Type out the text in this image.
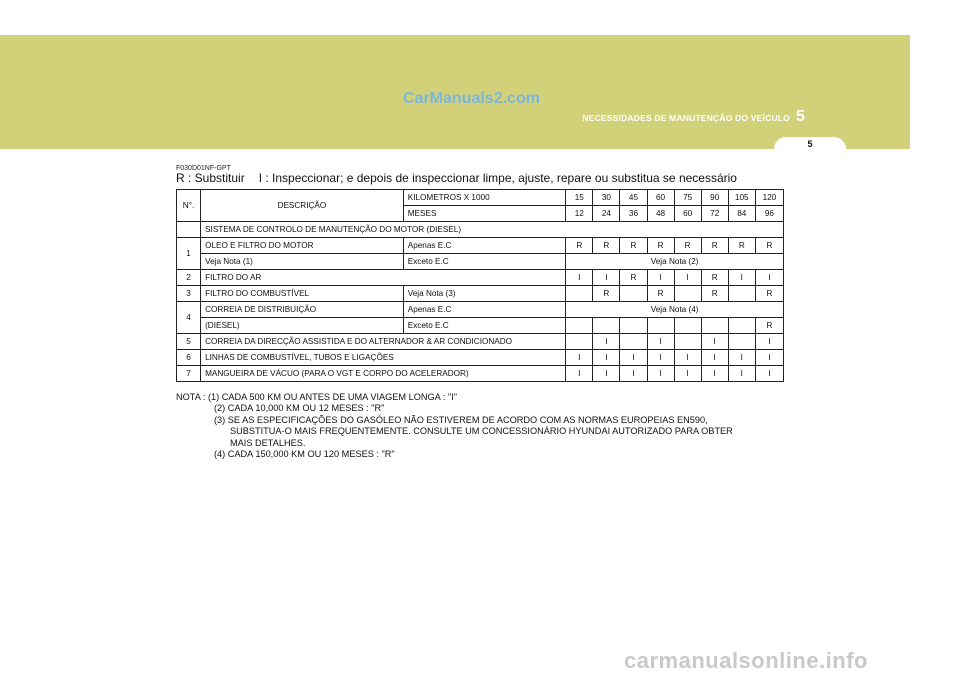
CarManuals2.com
NECESSIDADES DE MANUTENÇÃO DO VEÍCULO 5
5
F030D01NF-GPT
R : Substituir I : Inspeccionar; e depois de inspeccionar limpe, ajuste, repare ou substitua se necessário
N°.	DESCRIÇÃO	KILOMETROS X 1000	15	30	45	60	75	90	105	120
		MESES	12	24	36	48	60	72	84	96
	SISTEMA DE CONTROLO DE MANUTENÇÃO DO MOTOR (DIESEL)									
1	OLEO E FILTRO DO MOTOR	Apenas E.C	R	R	R	R	R	R	R	R
	Veja Nota (1)	Exceto E.C	Veja Nota (2)							
2	FILTRO DO AR		I	I	R	I	I	R	I	I
3	FILTRO DO COMBUSTÍVEL	Veja Nota (3)		R		R		R		R
4	CORREIA DE DISTRIBUIÇÃO	Apenas E.C	Veja Nota (4)							
	(DIESEL)	Exceto E.C								R
5	CORREIA DA DIRECÇÃO ASSISTIDA E DO ALTERNADOR & AR CONDICIONADO			I		I		I		I
6	LINHAS DE COMBUSTÍVEL, TUBOS E LIGAÇÕES		I	I	I	I	I	I	I	I
7	MANGUEIRA DE VÁCUO (PARA O VGT E CORPO DO ACELERADOR)		I	I	I	I	I	I	I	I
NOTA : (1) CADA 500 KM OU ANTES DE UMA VIAGEM LONGA : "I"
(2) CADA 10,000 KM OU 12 MESES : "R"
(3) SE AS ESPECIFICAÇÕES DO GASÓLEO NÃO ESTIVEREM DE ACORDO COM AS NORMAS EUROPEIAS EN590,
SUBSTITUA-O MAIS FREQUENTEMENTE. CONSULTE UM CONCESSIONÁRIO HYUNDAI AUTORIZADO PARA OBTER
MAIS DETALHES.
(4) CADA 150,000 KM OU 120 MESES : "R"
carmanualsonline.info
